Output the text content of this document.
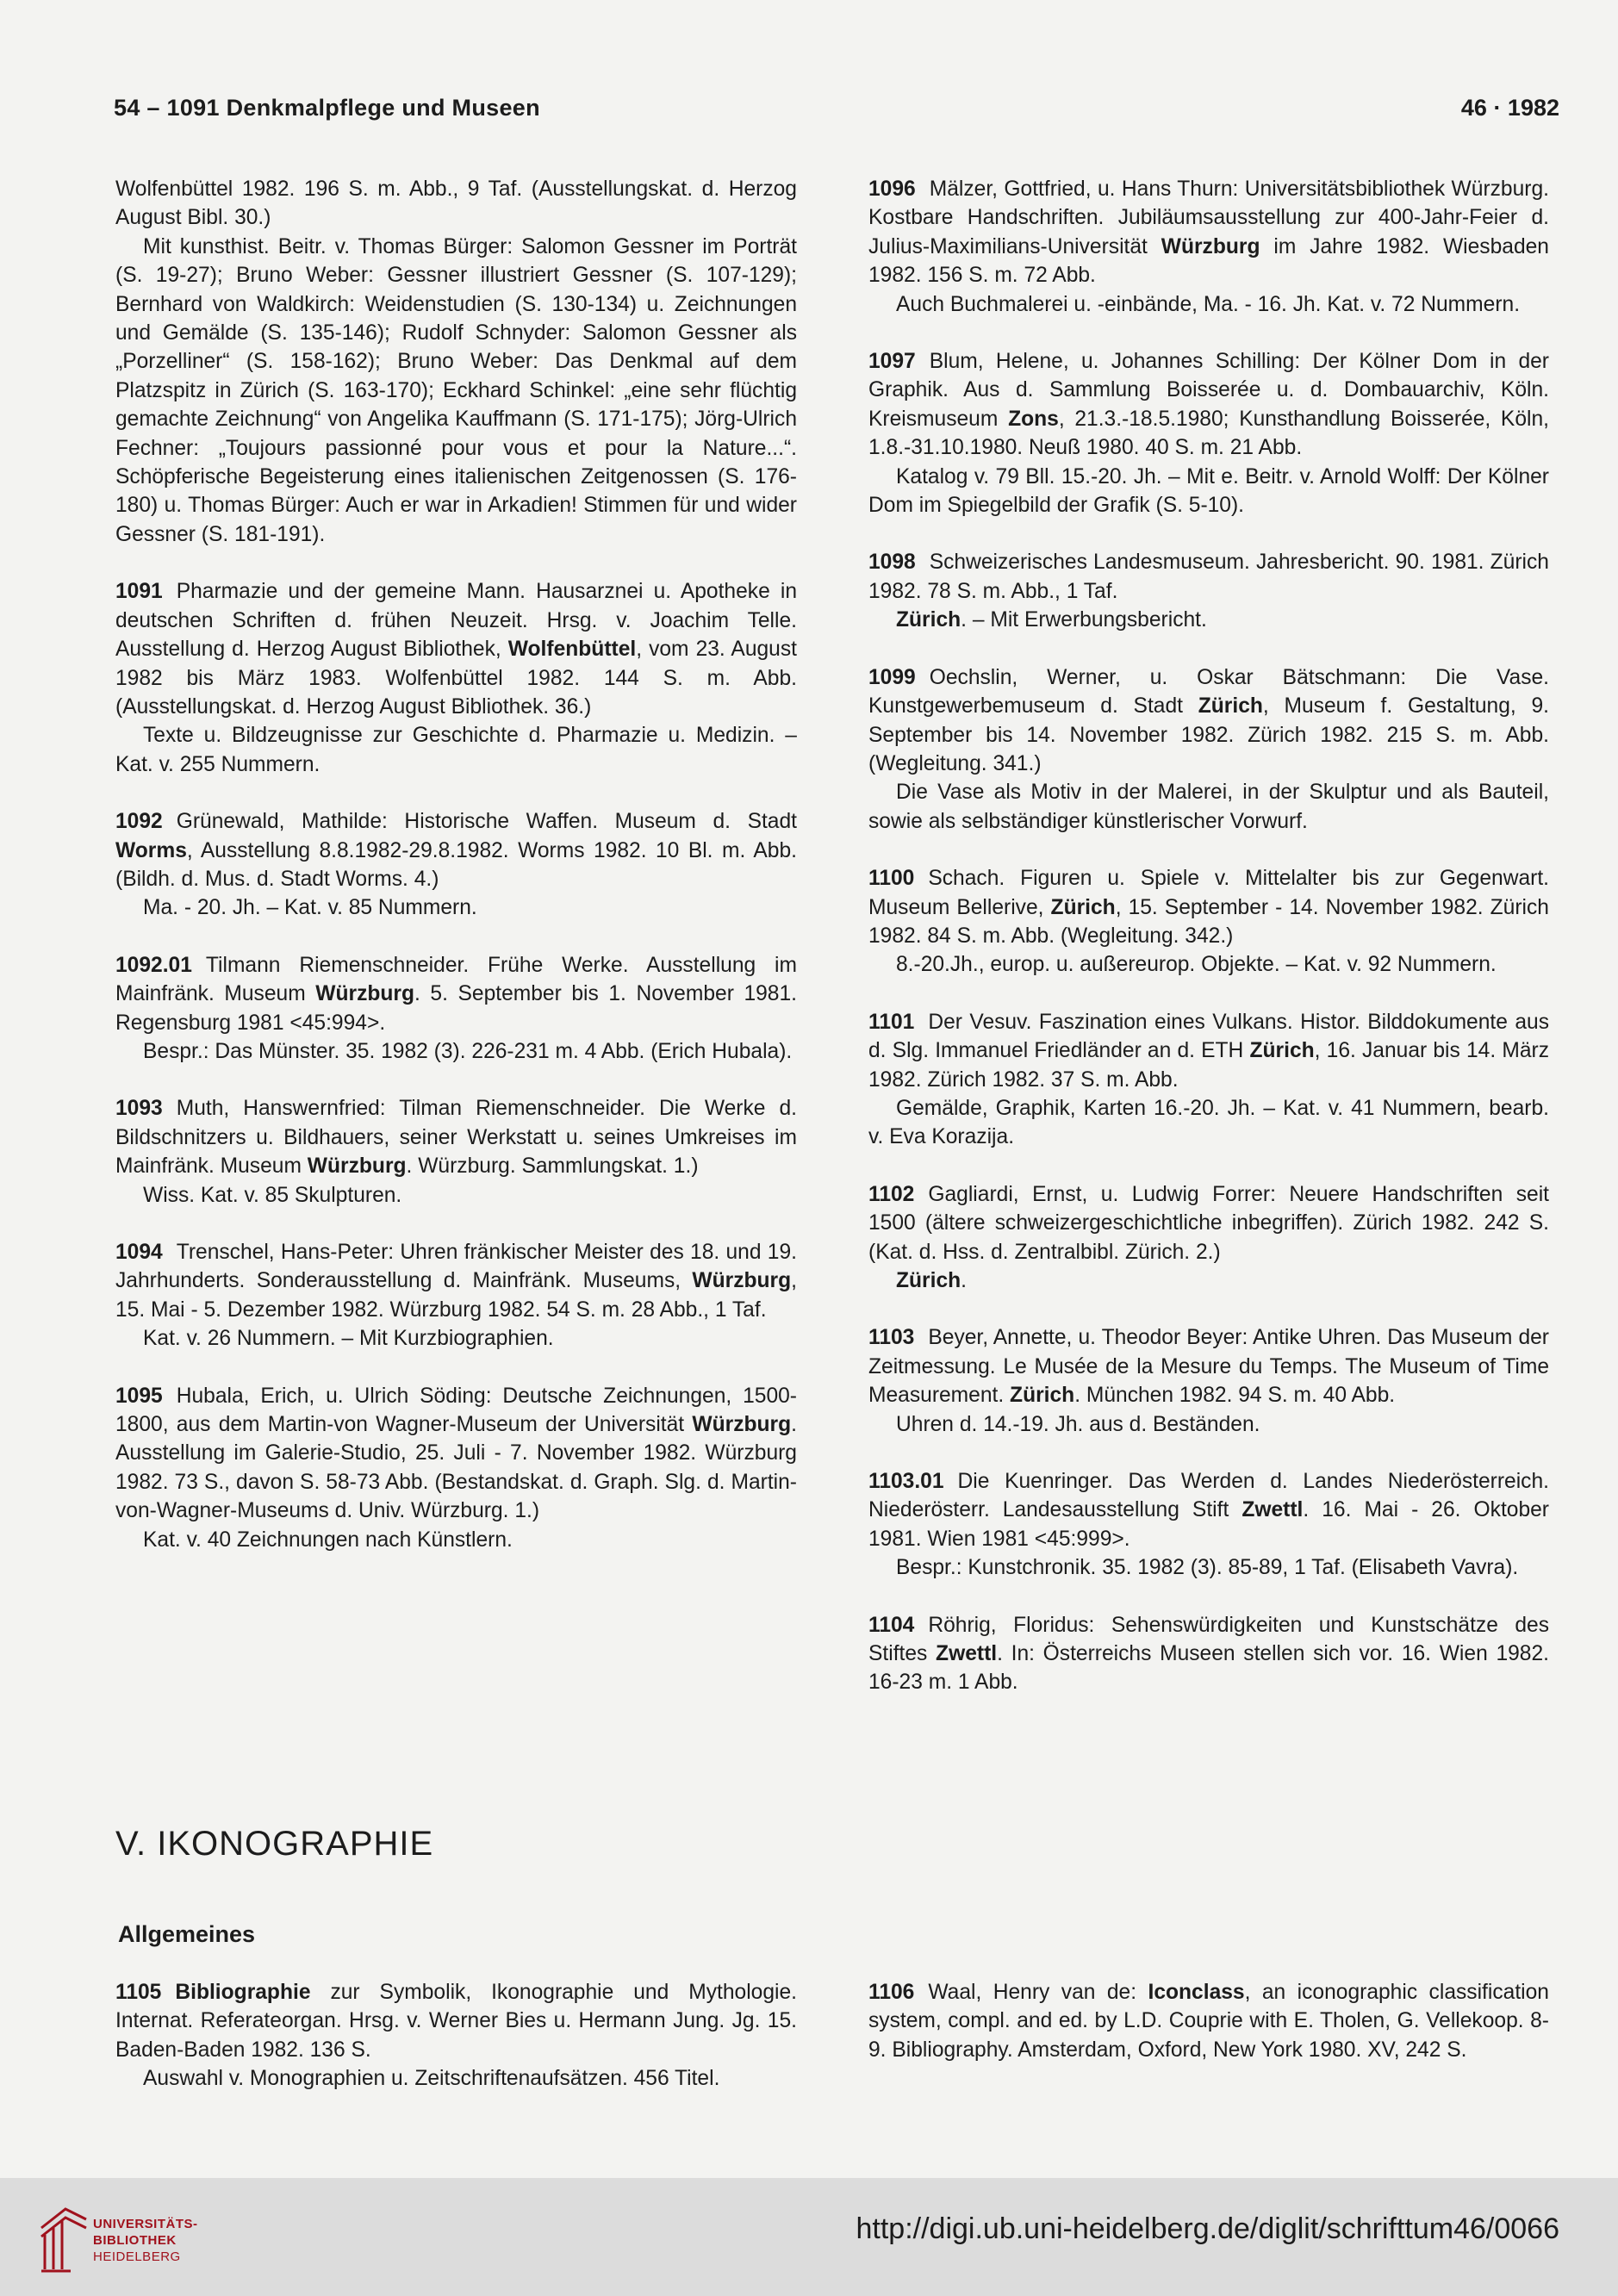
54 – 1091 Denkmalpflege und Museen	46 · 1982

Wolfenbüttel 1982. 196 S. m. Abb., 9 Taf. (Ausstellungskat. d. Herzog August Bibl. 30.)

Mit kunsthist. Beitr. v. Thomas Bürger: Salomon Gessner im Porträt (S. 19-27); Bruno Weber: Gessner illustriert Gessner (S. 107-129); Bernhard von Waldkirch: Weidenstudien (S. 130-134) u. Zeichnungen und Gemälde (S. 135-146); Rudolf Schnyder: Salomon Gessner als „Porzelliner“ (S. 158-162); Bruno Weber: Das Denkmal auf dem Platzspitz in Zürich (S. 163-170); Eckhard Schinkel: „eine sehr flüchtig gemachte Zeichnung“ von Angelika Kauffmann (S. 171-175); Jörg-Ulrich Fechner: „Toujours passionné pour vous et pour la Nature...“. Schöpferische Begeisterung eines italienischen Zeitgenossen (S. 176-180) u. Thomas Bürger: Auch er war in Arkadien! Stimmen für und wider Gessner (S. 181-191).

1091 Pharmazie und der gemeine Mann. Hausarznei u. Apotheke in deutschen Schriften d. frühen Neuzeit. Hrsg. v. Joachim Telle. Ausstellung d. Herzog August Bibliothek, Wolfenbüttel, vom 23. August 1982 bis März 1983. Wolfenbüttel 1982. 144 S. m. Abb. (Ausstellungskat. d. Herzog August Bibliothek. 36.)

Texte u. Bildzeugnisse zur Geschichte d. Pharmazie u. Medizin. – Kat. v. 255 Nummern.

1092 Grünewald, Mathilde: Historische Waffen. Museum d. Stadt Worms, Ausstellung 8.8.1982-29.8.1982. Worms 1982. 10 Bl. m. Abb. (Bildh. d. Mus. d. Stadt Worms. 4.)

Ma. - 20. Jh. – Kat. v. 85 Nummern.

1092.01 Tilmann Riemenschneider. Frühe Werke. Ausstellung im Mainfränk. Museum Würzburg. 5. September bis 1. November 1981. Regensburg 1981 <45:994>.

Bespr.: Das Münster. 35. 1982 (3). 226-231 m. 4 Abb. (Erich Hubala).

1093 Muth, Hanswernfried: Tilman Riemenschneider. Die Werke d. Bildschnitzers u. Bildhauers, seiner Werkstatt u. seines Umkreises im Mainfränk. Museum Würzburg. Würzburg. Sammlungskat. 1.)

Wiss. Kat. v. 85 Skulpturen.

1094 Trenschel, Hans-Peter: Uhren fränkischer Meister des 18. und 19. Jahrhunderts. Sonderausstellung d. Mainfränk. Museums, Würzburg, 15. Mai - 5. Dezember 1982. Würzburg 1982. 54 S. m. 28 Abb., 1 Taf.

Kat. v. 26 Nummern. – Mit Kurzbiographien.

1095 Hubala, Erich, u. Ulrich Söding: Deutsche Zeichnungen, 1500-1800, aus dem Martin-von Wagner-Museum der Universität Würzburg. Ausstellung im Galerie-Studio, 25. Juli - 7. November 1982. Würzburg 1982. 73 S., davon S. 58-73 Abb. (Bestandskat. d. Graph. Slg. d. Martin-von-Wagner-Museums d. Univ. Würzburg. 1.)

Kat. v. 40 Zeichnungen nach Künstlern.

1096 Mälzer, Gottfried, u. Hans Thurn: Universitätsbibliothek Würzburg. Kostbare Handschriften. Jubiläumsausstellung zur 400-Jahr-Feier d. Julius-Maximilians-Universität Würzburg im Jahre 1982. Wiesbaden 1982. 156 S. m. 72 Abb.

Auch Buchmalerei u. -einbände, Ma. - 16. Jh. Kat. v. 72 Nummern.

1097 Blum, Helene, u. Johannes Schilling: Der Kölner Dom in der Graphik. Aus d. Sammlung Boisserée u. d. Dombauarchiv, Köln. Kreismuseum Zons, 21.3.-18.5.1980; Kunsthandlung Boisserée, Köln, 1.8.-31.10.1980. Neuß 1980. 40 S. m. 21 Abb.

Katalog v. 79 Bll. 15.-20. Jh. – Mit e. Beitr. v. Arnold Wolff: Der Kölner Dom im Spiegelbild der Grafik (S. 5-10).

1098 Schweizerisches Landesmuseum. Jahresbericht. 90. 1981. Zürich 1982. 78 S. m. Abb., 1 Taf.

Zürich. – Mit Erwerbungsbericht.

1099 Oechslin, Werner, u. Oskar Bätschmann: Die Vase. Kunstgewerbemuseum d. Stadt Zürich, Museum f. Gestaltung, 9. September bis 14. November 1982. Zürich 1982. 215 S. m. Abb. (Wegleitung. 341.)

Die Vase als Motiv in der Malerei, in der Skulptur und als Bauteil, sowie als selbständiger künstlerischer Vorwurf.

1100 Schach. Figuren u. Spiele v. Mittelalter bis zur Gegenwart. Museum Bellerive, Zürich, 15. September - 14. November 1982. Zürich 1982. 84 S. m. Abb. (Wegleitung. 342.)

8.-20.Jh., europ. u. außereurop. Objekte. – Kat. v. 92 Nummern.

1101 Der Vesuv. Faszination eines Vulkans. Histor. Bilddokumente aus d. Slg. Immanuel Friedländer an d. ETH Zürich, 16. Januar bis 14. März 1982. Zürich 1982. 37 S. m. Abb.

Gemälde, Graphik, Karten 16.-20. Jh. – Kat. v. 41 Nummern, bearb. v. Eva Korazija.

1102 Gagliardi, Ernst, u. Ludwig Forrer: Neuere Handschriften seit 1500 (ältere schweizergeschichtliche inbegriffen). Zürich 1982. 242 S. (Kat. d. Hss. d. Zentralbibl. Zürich. 2.)

Zürich.

1103 Beyer, Annette, u. Theodor Beyer: Antike Uhren. Das Museum der Zeitmessung. Le Musée de la Mesure du Temps. The Museum of Time Measurement. Zürich. München 1982. 94 S. m. 40 Abb.

Uhren d. 14.-19. Jh. aus d. Beständen.

1103.01 Die Kuenringer. Das Werden d. Landes Niederösterreich. Niederösterr. Landesausstellung Stift Zwettl. 16. Mai - 26. Oktober 1981. Wien 1981 <45:999>.

Bespr.: Kunstchronik. 35. 1982 (3). 85-89, 1 Taf. (Elisabeth Vavra).

1104 Röhrig, Floridus: Sehenswürdigkeiten und Kunstschätze des Stiftes Zwettl. In: Österreichs Museen stellen sich vor. 16. Wien 1982. 16-23 m. 1 Abb.

V. IKONOGRAPHIE
Allgemeines

1105 Bibliographie zur Symbolik, Ikonographie und Mythologie. Internat. Referateorgan. Hrsg. v. Werner Bies u. Hermann Jung. Jg. 15. Baden-Baden 1982. 136 S.

Auswahl v. Monographien u. Zeitschriftenaufsätzen. 456 Titel.

1106 Waal, Henry van de: Iconclass, an iconographic classification system, compl. and ed. by L.D. Couprie with E. Tholen, G. Vellekoop. 8-9. Bibliography. Amsterdam, Oxford, New York 1980. XV, 242 S.

UNIVERSITÄTS-
BIBLIOTHEK
HEIDELBERG
http://digi.ub.uni-heidelberg.de/diglit/schrifttum46/0066
